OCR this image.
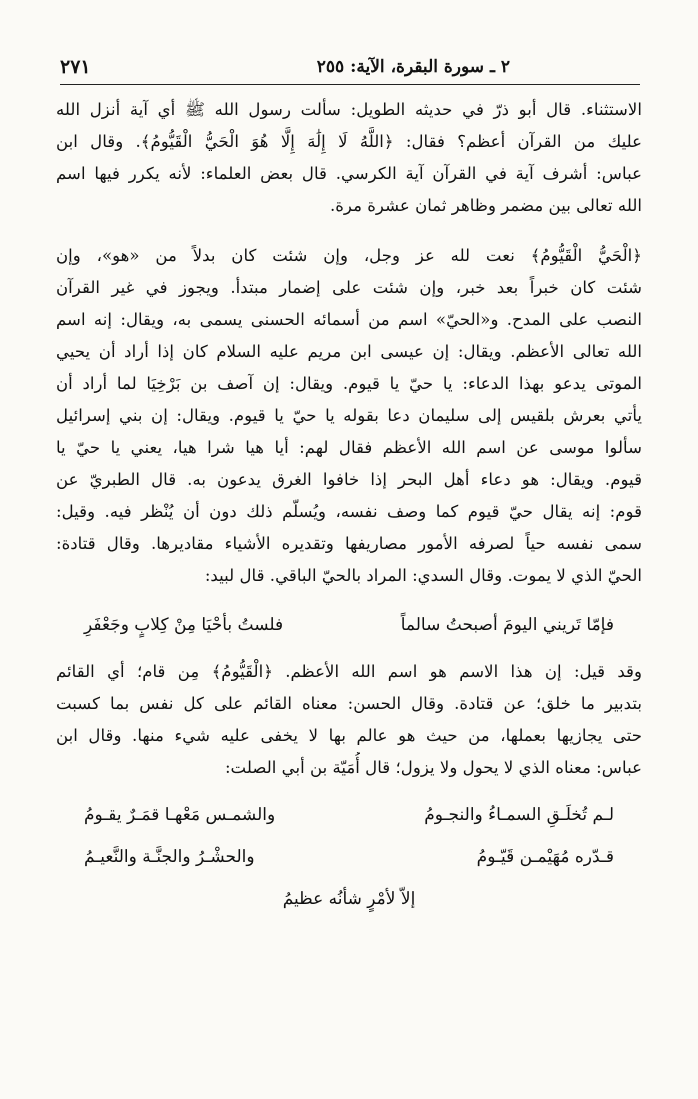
٢ ـ سورة البقرة، الآية: ٢٥٥
٢٧١
الاستثناء. قال أبو ذرّ في حديثه الطويل: سألت رسول الله ﷺ أي آية أنزل الله
عليك من القرآن أعظم؟ فقال: ﴿اللَّهُ لَا إِلَٰهَ إِلَّا هُوَ الْحَيُّ الْقَيُّومُ﴾. وقال ابن
عباس: أشرف آية في القرآن آية الكرسي. قال بعض العلماء: لأنه يكرر فيها اسم
الله تعالى بين مضمر وظاهر ثمان عشرة مرة.
﴿الْحَيُّ الْقَيُّومُ﴾ نعت لله عز وجل، وإن شئت كان بدلاً من «هو»، وإن
شئت كان خبراً بعد خبر، وإن شئت على إضمار مبتدأ. ويجوز في غير القرآن
النصب على المدح. و«الحيّ» اسم من أسمائه الحسنى يسمى به، ويقال: إنه اسم
الله تعالى الأعظم. ويقال: إن عيسى ابن مريم عليه السلام كان إذا أراد أن يحيي
الموتى يدعو بهذا الدعاء: يا حيّ يا قيوم. ويقال: إن آصف بن بَرْخِيَا لما أراد أن
يأتي بعرش بلقيس إلى سليمان دعا بقوله يا حيّ يا قيوم. ويقال: إن بني إسرائيل
سألوا موسى عن اسم الله الأعظم فقال لهم: أيا هيا شرا هيا، يعني يا حيّ يا
قيوم. ويقال: هو دعاء أهل البحر إذا خافوا الغرق يدعون به. قال الطبريّ عن
قوم: إنه يقال حيّ قيوم كما وصف نفسه، ويُسلّم ذلك دون أن يُنْظر فيه. وقيل:
سمى نفسه حياً لصرفه الأمور مصاريفها وتقديره الأشياء مقاديرها. وقال قتادة:
الحيّ الذي لا يموت. وقال السدي: المراد بالحيّ الباقي. قال لبيد:
فإمّا تَريني اليومَ أصبحتُ سالماً
فلستُ بأحْيَا مِنْ كِلابٍ وجَعْفَرِ
وقد قيل: إن هذا الاسم هو اسم الله الأعظم. ﴿الْقَيُّومُ﴾ مِن قام؛ أي القائم
بتدبير ما خلق؛ عن قتادة. وقال الحسن: معناه القائم على كل نفس بما كسبت
حتى يجازيها بعملها، من حيث هو عالم بها لا يخفى عليه شيء منها. وقال ابن
عباس: معناه الذي لا يحول ولا يزول؛ قال أُمَيّة بن أبي الصلت:
لـم تُخلَـقِ السمـاءُ والنجـومُ
والشمـس مَعْهـا قمَـرٌ يقـومُ
قـدّره مُهَيْمـن قَيّـومُ
والحشْـرُ والجنَّـة والنَّعيـمُ
إلاّ لأمْرٍ شأنُه عظيمُ
